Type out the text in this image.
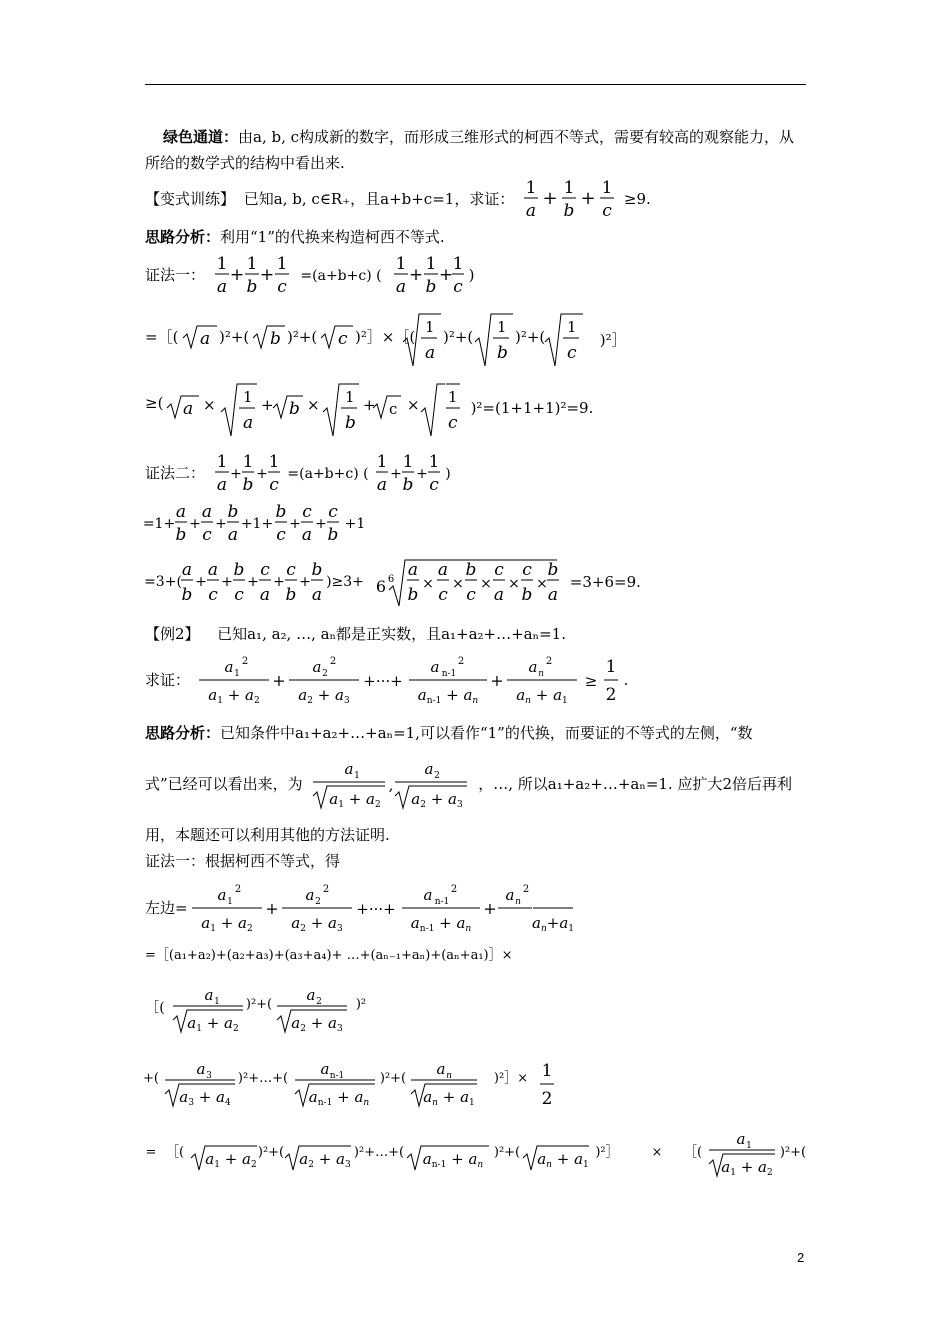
绿色通道：由a, b, c构成新的数字，而形成三维形式的柯西不等式，需要有较高的观察能力，从所给的数学式的结构中看出来.
【变式训练】 已知a, b, c∈R₊，且a+b+c=1，求证：
1
a
+ 1
b
+ 1
c
≥9.
思路分析：利用“1”的代换来构造柯西不等式.
证法一：
1
a
+
1
b
+
1
c
=(a+b+c) (
1
a
+
1
b
+
1
c
)
=［( a )²+( b )²+( c )²］×［(
1
a
)²+(
1
b
)²+(
1
c
)²］
≥( a × 1
a
+ b × 1
b
+ c ×
1
c
)²=(1+1+1)²=9.
证法二：
1
a
+
1
b
+
1
c
=(a+b+c) (
1
a
+
1
b
+
1
c
)
=1+
a
b
+
a
c
+
b
a
+1+
b
c
+
c
a
+
c
b
+1
=3+(
a
b
+
a
c
+
b
c
+
c
a
+
c
b
+
b
a
)≥3+ 6 6 a
b
×
a
c
×
b
c
×
c
a
×
c
b
×
b
a
=3+6=9.
【例2】 已知a₁, a₂, …, aₙ都是正实数，且a₁+a₂+…+aₙ=1.
求证：
a 1
2
$a_1 + a_2$
+
a 2
2
$a_2 + a_3$
+···+
a n-1
2
$a_{n-1} + a_n$
+
a n
2
$a_n + a_1$
≥
1
2
.
思路分析：已知条件中a₁+a₂+…+aₙ=1,可以看作“1”的代换，而要证的不等式的左侧，“数
式”已经可以看出来，为
a 1
$a_1 + a_2$
,
a 2
$a_2 + a_3$
，…, 所以a₁+a₂+…+aₙ=1. 应扩大2倍后再利
用，本题还可以利用其他的方法证明.
证法一：根据柯西不等式，得
左边=
a 1
2
$a_1 + a_2$
+
a 2
2
$a_2 + a_3$
+···+
a n-1
2
$a_{n-1} + a_n$
+
a n
2

$a_n+a_1$
=［(a₁+a₂)+(a₂+a₃)+(a₃+a₄)+ …+(aₙ₋₁+aₙ)+(aₙ+a₁)］×
［(
a 1
$a_1 + a_2$
)²+(
a 2
$a_2 + a_3$
)²
+(
a 3
$a_3 + a_4$
)²+…+(
a n-1
$a_{n-1} + a_n$
)²+(
a n
$a_n + a_1$
)²］× 1
2
= ［( $a_1 + a_2$
)²+( $a_2 + a_3$
)²+…+( $a_{n-1} + a_n$
)²+( $a_n + a_1$
)²］	× ［(
a 1
$a_1 + a_2$
)²+(
2
